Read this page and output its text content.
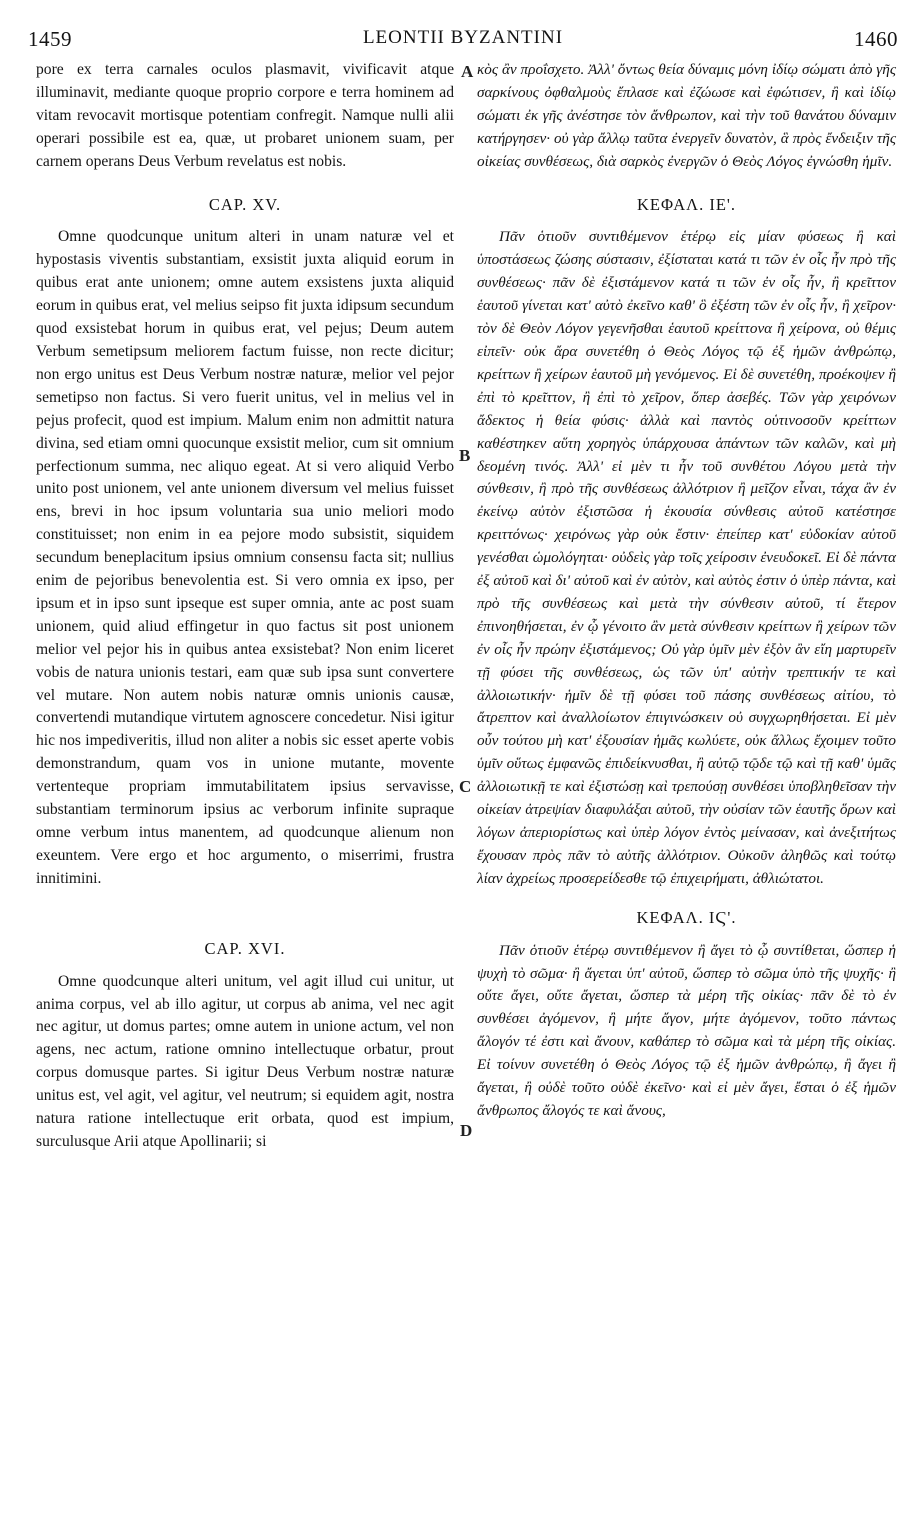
1459	LEONTII BYZANTINI	1460

pore ex terra carnales oculos plasmavit, vivificavit atque illuminavit, mediante quoque proprio corpore e terra hominem ad vitam revocavit mortisque potentiam confregit. Namque nulli alii operari possibile est ea, quæ, ut probaret unionem suam, per carnem operans Deus Verbum revelatus est nobis.

CAP. XV.

Omne quodcunque unitum alteri in unam naturæ vel et hypostasis viventis substantiam, exsistit juxta aliquid eorum in quibus erat ante unionem; omne autem exsistens juxta aliquid eorum in quibus erat, vel melius seipso fit juxta idipsum secundum quod exsistebat horum in quibus erat, vel pejus; Deum autem Verbum semetipsum meliorem factum fuisse, non recte dicitur; non ergo unitus est Deus Verbum nostræ naturæ, melior vel pejor semetipso non factus. Si vero fuerit unitus, vel in melius vel in pejus profecit, quod est impium. Malum enim non admittit natura divina, sed etiam omni quocunque exsistit melior, cum sit omnium perfectionum summa, nec aliquo egeat. At si vero aliquid Verbo unito post unionem, vel ante unionem diversum vel melius fuisset ens, brevi in hoc ipsum voluntaria sua unio meliori modo constituisset; non enim in ea pejore modo subsistit, siquidem secundum beneplacitum ipsius omnium consensu facta sit; nullius enim de pejoribus benevolentia est. Si vero omnia ex ipso, per ipsum et in ipso sunt ipseque est super omnia, ante ac post suam unionem, quid aliud effingetur in quo factus sit post unionem melior vel pejor his in quibus antea exsistebat? Non enim liceret vobis de natura unionis testari, eam quæ sub ipsa sunt convertere vel mutare. Non autem nobis naturæ omnis unionis causæ, convertendi mutandique virtutem agnoscere concedetur. Nisi igitur hic nos impediveritis, illud non aliter a nobis sic esset aperte vobis demonstrandum, quam vos in unione mutante, movente vertenteque propriam immutabilitatem ipsius servavisse, substantiam terminorum ipsius ac verborum infinite supraque omne verbum intus manentem, ad quodcunque alienum non exeuntem. Vere ergo et hoc argumento, o miserrimi, frustra innitimini.

CAP. XVI.

Omne quodcunque alteri unitum, vel agit illud cui unitur, ut anima corpus, vel ab illo agitur, ut corpus ab anima, vel nec agit nec agitur, ut domus partes; omne autem in unione actum, vel non agens, nec actum, ratione omnino intellectuque orbatur, prout corpus domusque partes. Si igitur Deus Verbum nostræ naturæ unitus est, vel agit, vel agitur, vel neutrum; si equidem agit, nostra natura ratione intellectuque erit orbata, quod est impium, surculusque Arii atque Apollinarii; si

κὸς ἂν προΐσχετο. Ἀλλ' ὄντως θεία δύναμις μόνη ἰδίῳ σώματι ἀπὸ γῆς σαρκίνους ὀφθαλμοὺς ἔπλασε καὶ ἐζώωσε καὶ ἐφώτισεν, ἢ καὶ ἰδίῳ σώματι ἐκ γῆς ἀνέστησε τὸν ἄνθρωπον, καὶ τὴν τοῦ θανάτου δύναμιν κατήργησεν· οὐ γὰρ ἄλλῳ ταῦτα ἐνεργεῖν δυνατὸν, ἃ πρὸς ἔνδειξιν τῆς οἰκείας συνθέσεως, διὰ σαρκὸς ἐνεργῶν ὁ Θεὸς Λόγος ἐγνώσθη ἡμῖν.

ΚΕΦΑΛ. ΙΕ'.

Πᾶν ὁτιοῦν συντιθέμενον ἑτέρῳ εἰς μίαν φύσεως ἢ καὶ ὑποστάσεως ζώσης σύστασιν, ἐξίσταται κατά τι τῶν ἐν οἷς ἦν πρὸ τῆς συνθέσεως· πᾶν δὲ ἐξιστάμενον κατά τι τῶν ἐν οἷς ἦν, ἢ κρεῖττον ἑαυτοῦ γίνεται κατ' αὐτὸ ἐκεῖνο καθ' ὃ ἐξέστη τῶν ἐν οἷς ἦν, ἢ χεῖρον· τὸν δὲ Θεὸν Λόγον γεγενῆσθαι ἑαυτοῦ κρείττονα ἢ χείρονα, οὐ θέμις εἰπεῖν· οὐκ ἄρα συνετέθη ὁ Θεὸς Λόγος τῷ ἐξ ἡμῶν ἀνθρώπῳ, κρείττων ἢ χείρων ἑαυτοῦ μὴ γενόμενος. Εἰ δὲ συνετέθη, προέκοψεν ἢ ἐπὶ τὸ κρεῖττον, ἢ ἐπὶ τὸ χεῖρον, ὅπερ ἀσεβές. Τῶν γὰρ χειρόνων ἄδεκτος ἡ θεία φύσις· ἀλλὰ καὶ παντὸς οὑτινοσοῦν κρείττων καθέστηκεν αὕτη χορηγὸς ὑπάρχουσα ἁπάντων τῶν καλῶν, καὶ μὴ δεομένη τινός. Ἀλλ' εἰ μὲν τι ἦν τοῦ συνθέτου Λόγου μετὰ τὴν σύνθεσιν, ἢ πρὸ τῆς συνθέσεως ἀλλότριον ἢ μεῖζον εἶναι, τάχα ἂν ἐν ἐκείνῳ αὐτὸν ἐξιστῶσα ἡ ἑκουσία σύνθεσις αὐτοῦ κατέστησε κρειττόνως· χειρόνως γὰρ οὐκ ἔστιν· ἐπείπερ κατ' εὐδοκίαν αὐτοῦ γενέσθαι ὡμολόγηται· οὐδεὶς γὰρ τοῖς χείροσιν ἐνευδοκεῖ. Εἰ δὲ πάντα ἐξ αὐτοῦ καὶ δι' αὐτοῦ καὶ ἐν αὐτὸν, καὶ αὐτὸς ἐστιν ὁ ὑπὲρ πάντα, καὶ πρὸ τῆς συνθέσεως καὶ μετὰ τὴν σύνθεσιν αὐτοῦ, τί ἕτερον ἐπινοηθήσεται, ἐν ᾧ γένοιτο ἂν μετὰ σύνθεσιν κρείττων ἢ χείρων τῶν ἐν οἷς ἦν πρώην ἐξιστάμενος; Οὐ γὰρ ὑμῖν μὲν ἐξὸν ἂν εἴη μαρτυρεῖν τῇ φύσει τῆς συνθέσεως, ὡς τῶν ὑπ' αὐτὴν τρεπτικήν τε καὶ ἀλλοιωτικήν· ἡμῖν δὲ τῇ φύσει τοῦ πάσης συνθέσεως αἰτίου, τὸ ἄτρεπτον καὶ ἀναλλοίωτον ἐπιγινώσκειν οὐ συγχωρηθήσεται. Εἰ μὲν οὖν τούτου μὴ κατ' ἐξουσίαν ἡμᾶς κωλύετε, οὐκ ἄλλως ἔχοιμεν τοῦτο ὑμῖν οὕτως ἐμφανῶς ἐπιδείκνυσθαι, ἢ αὐτῷ τῷδε τῷ καὶ τῇ καθ' ὑμᾶς ἀλλοιωτικῇ τε καὶ ἐξιστώσῃ καὶ τρεπούσῃ συνθέσει ὑποβληθεῖσαν τὴν οἰκείαν ἀτρεψίαν διαφυλάξαι αὐτοῦ, τὴν οὐσίαν τῶν ἑαυτῆς ὅρων καὶ λόγων ἀπεριορίστως καὶ ὑπὲρ λόγον ἐντὸς μείνασαν, καὶ ἀνεξιτήτως ἔχουσαν πρὸς πᾶν τὸ αὐτῆς ἀλλότριον. Οὐκοῦν ἀληθῶς καὶ τούτῳ λίαν ἀχρείως προσερείδεσθε τῷ ἐπιχειρήματι, ἀθλιώτατοι.

ΚΕΦΑΛ. ΙϚ'.

Πᾶν ὁτιοῦν ἑτέρῳ συντιθέμενον ἢ ἄγει τὸ ᾧ συντίθεται, ὥσπερ ἡ ψυχὴ τὸ σῶμα· ἢ ἄγεται ὑπ' αὐτοῦ, ὥσπερ τὸ σῶμα ὑπὸ τῆς ψυχῆς· ἢ οὔτε ἄγει, οὔτε ἄγεται, ὥσπερ τὰ μέρη τῆς οἰκίας· πᾶν δὲ τὸ ἐν συνθέσει ἀγόμενον, ἢ μήτε ἄγον, μήτε ἀγόμενον, τοῦτο πάντως ἄλογόν τέ ἐστι καὶ ἄνουν, καθάπερ τὸ σῶμα καὶ τὰ μέρη τῆς οἰκίας. Εἰ τοίνυν συνετέθη ὁ Θεὸς Λόγος τῷ ἐξ ἡμῶν ἀνθρώπῳ, ἢ ἄγει ἢ ἄγεται, ἢ οὐδὲ τοῦτο οὐδὲ ἐκεῖνο· καὶ εἰ μὲν ἄγει, ἔσται ὁ ἐξ ἡμῶν ἄνθρωπος ἄλογός τε καὶ ἄνους,

A
B
C
D
